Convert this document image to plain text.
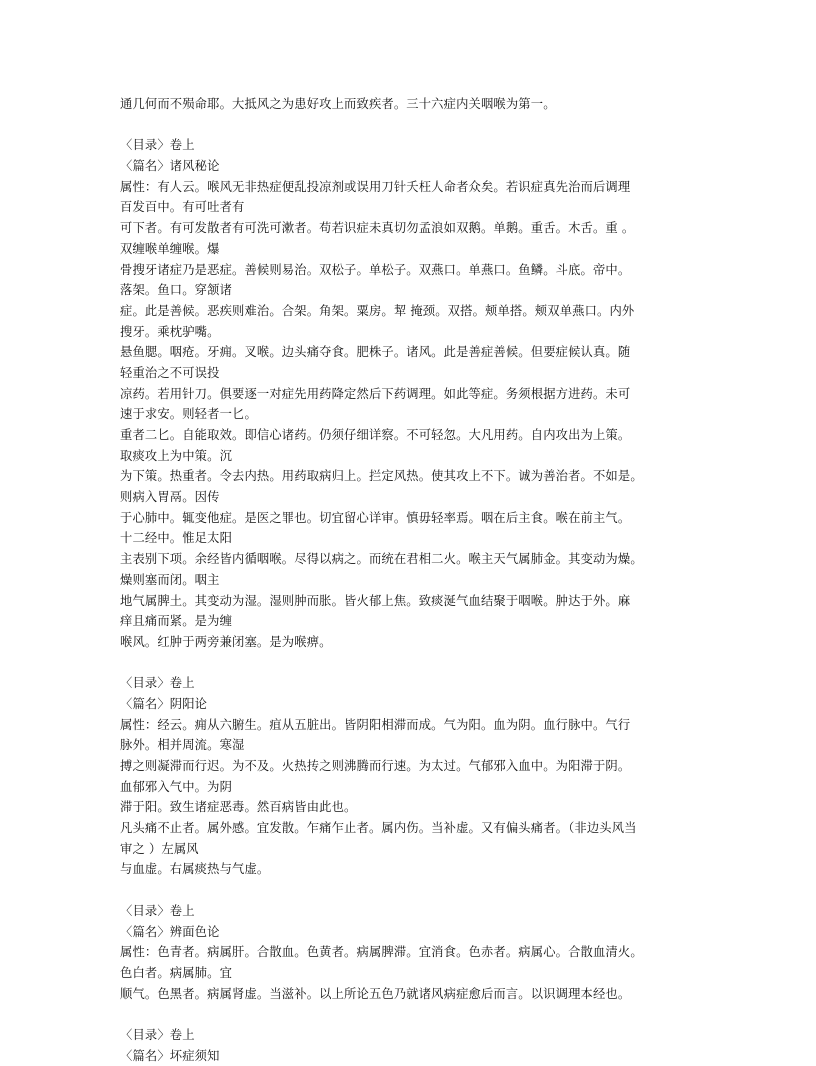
通几何而不殒命耶。大抵风之为患好攻上而致疾者。三十六症内关咽喉为第一。
〈目录〉卷上
〈篇名〉诸风秘论
属性：有人云。喉风无非热症便乱投凉剂或误用刀针夭枉人命者众矣。若识症真先治而后调理
百发百中。有可吐者有
可下者。有可发散者有可洗可漱者。苟若识症未真切勿孟浪如双鹅。单鹅。重舌。木舌。重 。
双缠喉单缠喉。爆
骨搜牙诸症乃是恶症。善候则易治。双松子。单松子。双燕口。单燕口。鱼鳞。斗底。帝中。
落架。鱼口。穿颔诸
症。此是善候。恶疾则难治。合架。角架。粟房。㸷 掩颈。双搭。颊单搭。颊双单燕口。内外
搜牙。乘枕驴嘴。
悬鱼腮。咽疮。牙痈。叉喉。边头痛夺食。肥株子。诸风。此是善症善候。但要症候认真。随
轻重治之不可误投
凉药。若用针刀。俱要逐一对症先用药降定然后下药调理。如此等症。务须根据方进药。未可
速于求安。则轻者一匕。
重者二匕。自能取效。即信心诸药。仍须仔细详察。不可轻忽。大凡用药。自内攻出为上策。
取痰攻上为中策。沉
为下策。热重者。令去内热。用药取病归上。拦定风热。使其攻上不下。诚为善治者。不如是。
则病入胃鬲。因传
于心肺中。辄变他症。是医之罪也。切宜留心详审。慎毋轻率焉。咽在后主食。喉在前主气。
十二经中。惟足太阳
主表别下项。余经皆内循咽喉。尽得以病之。而统在君相二火。喉主天气属肺金。其变动为燥。
燥则塞而闭。咽主
地气属脾土。其变动为湿。湿则肿而胀。皆火郁上焦。致痰涎气血结聚于咽喉。肿达于外。麻
痒且痛而紧。是为缠
喉风。红肿于两旁兼闭塞。是为喉痹。
〈目录〉卷上
〈篇名〉阴阳论
属性：经云。痈从六腑生。疽从五脏出。皆阴阳相滞而成。气为阳。血为阴。血行脉中。气行
脉外。相并周流。寒湿
搏之则凝滞而行迟。为不及。火热抟之则沸腾而行速。为太过。气郁邪入血中。为阳滞于阴。
血郁邪入气中。为阴
滞于阳。致生诸症恶毒。然百病皆由此也。
凡头痛不止者。属外感。宜发散。乍痛乍止者。属内伤。当补虚。又有偏头痛者。（非边头风当
审之 ）左属风
与血虚。右属痰热与气虚。
〈目录〉卷上
〈篇名〉辨面色论
属性：色青者。病属肝。合散血。色黄者。病属脾滞。宜消食。色赤者。病属心。合散血清火。
色白者。病属肺。宜
顺气。色黑者。病属肾虚。当滋补。以上所论五色乃就诸风病症愈后而言。以识调理本经也。
〈目录〉卷上
〈篇名〉坏症须知
